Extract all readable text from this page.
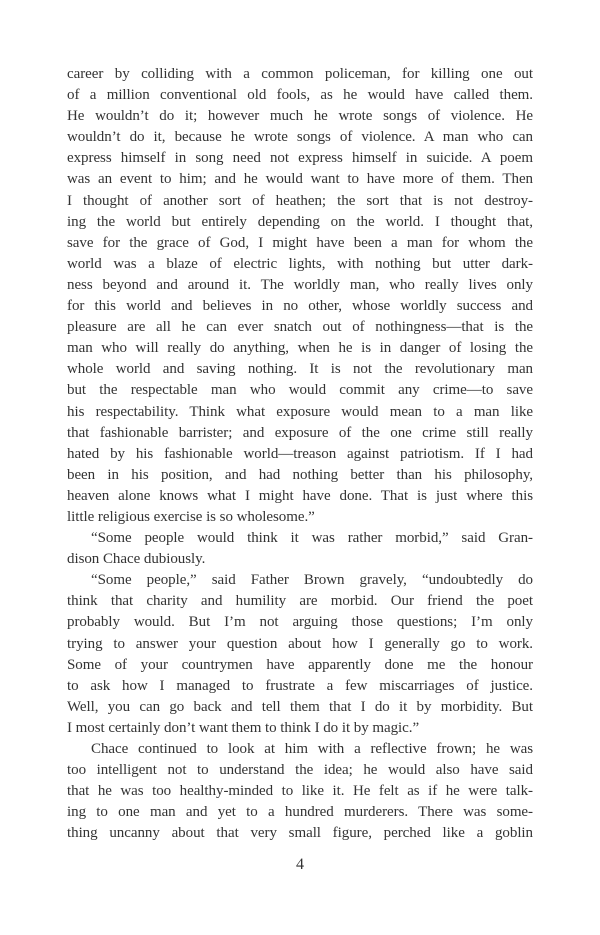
career by colliding with a common policeman, for killing one out
of a million conventional old fools, as he would have called them.
He wouldn’t do it; however much he wrote songs of violence. He
wouldn’t do it, because he wrote songs of violence. A man who can
express himself in song need not express himself in suicide. A poem
was an event to him; and he would want to have more of them. Then
I thought of another sort of heathen; the sort that is not destroy-
ing the world but entirely depending on the world. I thought that,
save for the grace of God, I might have been a man for whom the
world was a blaze of electric lights, with nothing but utter dark-
ness beyond and around it. The worldly man, who really lives only
for this world and believes in no other, whose worldly success and
pleasure are all he can ever snatch out of nothingness—that is the
man who will really do anything, when he is in danger of losing the
whole world and saving nothing. It is not the revolutionary man
but the respectable man who would commit any crime—to save
his respectability. Think what exposure would mean to a man like
that fashionable barrister; and exposure of the one crime still really
hated by his fashionable world—treason against patriotism. If I had
been in his position, and had nothing better than his philosophy,
heaven alone knows what I might have done. That is just where this
little religious exercise is so wholesome.”
“Some people would think it was rather morbid,” said Gran-
dison Chace dubiously.
“Some people,” said Father Brown gravely, “undoubtedly do
think that charity and humility are morbid. Our friend the poet
probably would. But I’m not arguing those questions; I’m only
trying to answer your question about how I generally go to work.
Some of your countrymen have apparently done me the honour
to ask how I managed to frustrate a few miscarriages of justice.
Well, you can go back and tell them that I do it by morbidity. But
I most certainly don’t want them to think I do it by magic.”
Chace continued to look at him with a reflective frown; he was
too intelligent not to understand the idea; he would also have said
that he was too healthy-minded to like it. He felt as if he were talk-
ing to one man and yet to a hundred murderers. There was some-
thing uncanny about that very small figure, perched like a goblin
4
